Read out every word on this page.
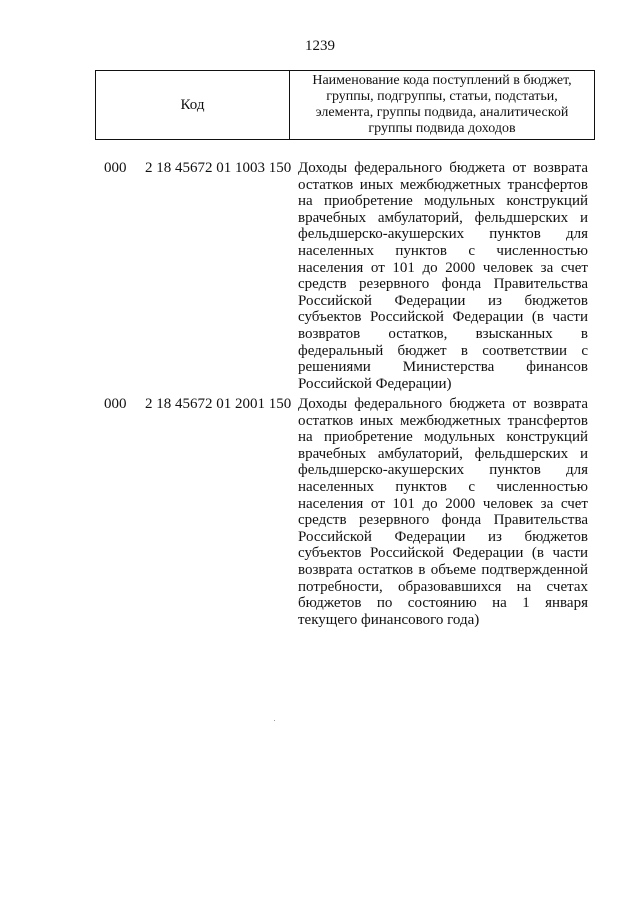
1239
Код
Наименование кода поступлений в бюджет, группы, подгруппы, статьи, подстатьи, элемента, группы подвида, аналитической группы подвида доходов
000 2 18 45672 01 1003 150 Доходы федерального бюджета от возврата остатков иных межбюджетных трансфертов на приобретение модульных конструкций врачебных амбулаторий, фельдшерских и фельдшерско-акушерских пунктов для населенных пунктов с численностью населения от 101 до 2000 человек за счет средств резервного фонда Правительства Российской Федерации из бюджетов субъектов Российской Федерации (в части возвратов остатков, взысканных в федеральный бюджет в соответствии с решениями Министерства финансов Российской Федерации)
000 2 18 45672 01 2001 150 Доходы федерального бюджета от возврата остатков иных межбюджетных трансфертов на приобретение модульных конструкций врачебных амбулаторий, фельдшерских и фельдшерско-акушерских пунктов для населенных пунктов с численностью населения от 101 до 2000 человек за счет средств резервного фонда Правительства Российской Федерации из бюджетов субъектов Российской Федерации (в части возврата остатков в объеме подтвержденной потребности, образовавшихся на счетах бюджетов по состоянию на 1 января текущего финансового года)
